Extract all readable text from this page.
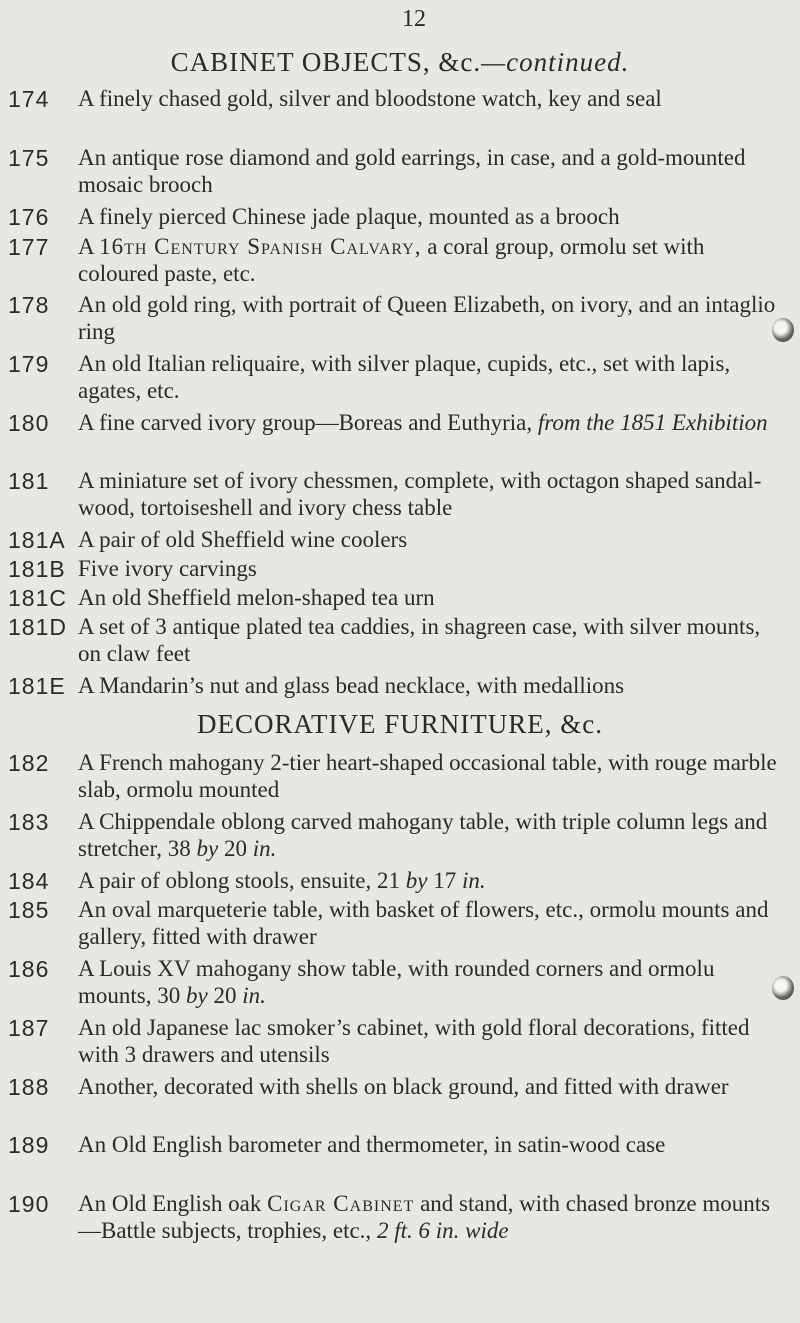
12
CABINET OBJECTS, &c.—continued.
174	A finely chased gold, silver and bloodstone watch, key and seal
175	An antique rose diamond and gold earrings, in case, and a gold-mounted mosaic brooch
176	A finely pierced Chinese jade plaque, mounted as a brooch
177	A 16th Century Spanish Calvary, a coral group, ormolu set with coloured paste, etc.
178	An old gold ring, with portrait of Queen Elizabeth, on ivory, and an intaglio ring
179	An old Italian reliquaire, with silver plaque, cupids, etc., set with lapis, agates, etc.
180	A fine carved ivory group—Boreas and Euthyria, from the 1851 Exhibition
181	A miniature set of ivory chessmen, complete, with octagon shaped sandal-wood, tortoiseshell and ivory chess table
181A A pair of old Sheffield wine coolers
181B Five ivory carvings
181C An old Sheffield melon-shaped tea urn
181D A set of 3 antique plated tea caddies, in shagreen case, with silver mounts, on claw feet
181E A Mandarin’s nut and glass bead necklace, with medallions
DECORATIVE FURNITURE, &c.
182	A French mahogany 2-tier heart-shaped occasional table, with rouge marble slab, ormolu mounted
183	A Chippendale oblong carved mahogany table, with triple column legs and stretcher, 38 by 20 in.
184	A pair of oblong stools, ensuite, 21 by 17 in.
185	An oval marqueterie table, with basket of flowers, etc., ormolu mounts and gallery, fitted with drawer
186	A Louis XV mahogany show table, with rounded corners and ormolu mounts, 30 by 20 in.
187	An old Japanese lac smoker’s cabinet, with gold floral decorations, fitted with 3 drawers and utensils
188	Another, decorated with shells on black ground, and fitted with drawer
189	An Old English barometer and thermometer, in satin-wood case
190	An Old English oak Cigar Cabinet and stand, with chased bronze mounts—Battle subjects, trophies, etc., 2 ft. 6 in. wide
